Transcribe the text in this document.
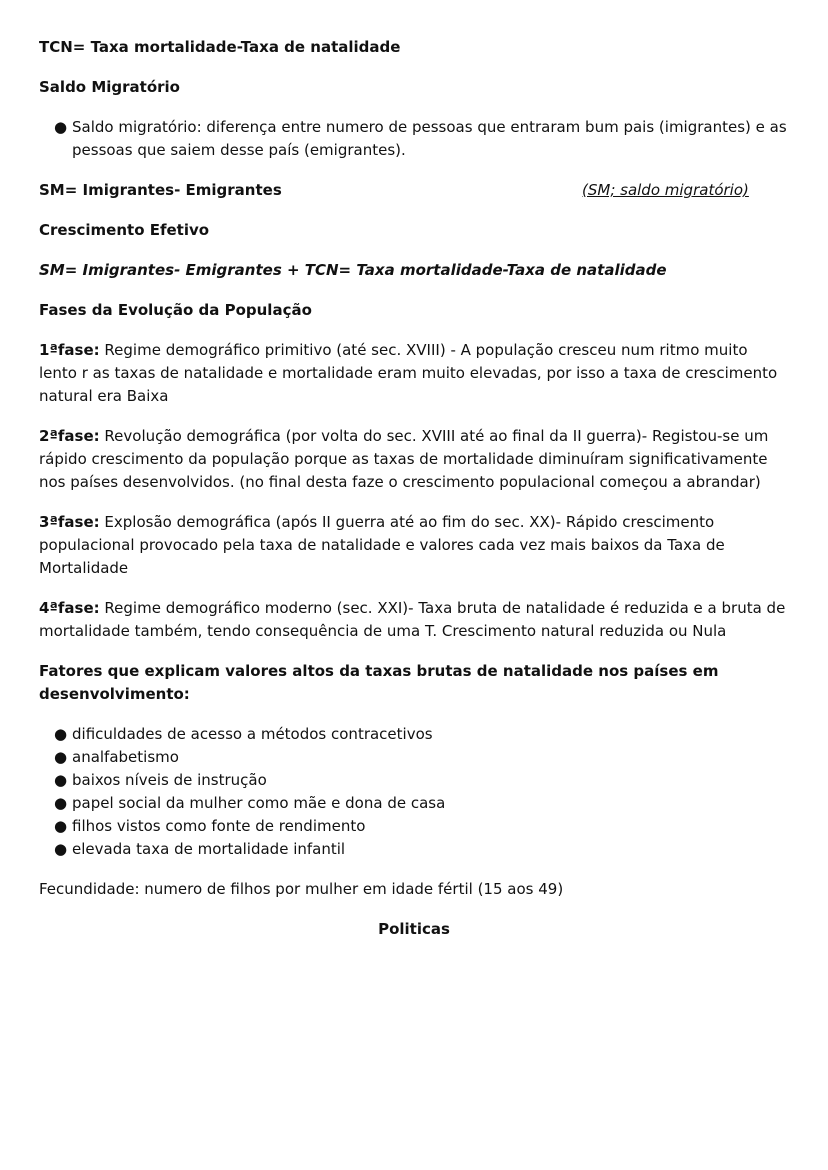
TCN= Taxa mortalidade-Taxa de natalidade

Saldo Migratório

● Saldo migratório: diferença entre numero de pessoas que entraram bum pais (imigrantes) e as pessoas que saiem desse país (emigrantes).
SM= Imigrantes- Emigrantes	(SM; saldo migratório)

Crescimento Efetivo

SM= Imigrantes- Emigrantes + TCN= Taxa mortalidade-Taxa de natalidade

Fases da Evolução da População

1ªfase: Regime demográfico primitivo (até sec. XVIII) - A população cresceu num ritmo muito lento r as taxas de natalidade e mortalidade eram muito elevadas, por isso a taxa de crescimento natural era Baixa

2ªfase: Revolução demográfica (por volta do sec. XVIII até ao final da II guerra)- Registou-se um rápido crescimento da população porque as taxas de mortalidade diminuíram significativamente nos países desenvolvidos. (no final desta faze o crescimento populacional começou a abrandar)

3ªfase: Explosão demográfica (após II guerra até ao fim do sec. XX)- Rápido crescimento populacional provocado pela taxa de natalidade e valores cada vez mais baixos da Taxa de Mortalidade

4ªfase: Regime demográfico moderno (sec. XXI)- Taxa bruta de natalidade é reduzida e a bruta de mortalidade também, tendo consequência de uma T. Crescimento natural reduzida ou Nula

Fatores que explicam valores altos da taxas brutas de natalidade nos países em desenvolvimento:

● dificuldades de acesso a métodos contracetivos
● analfabetismo
● baixos níveis de instrução
● papel social da mulher como mãe e dona de casa
● filhos vistos como fonte de rendimento
● elevada taxa de mortalidade infantil

Fecundidade: numero de filhos por mulher em idade fértil (15 aos 49)

Politicas
